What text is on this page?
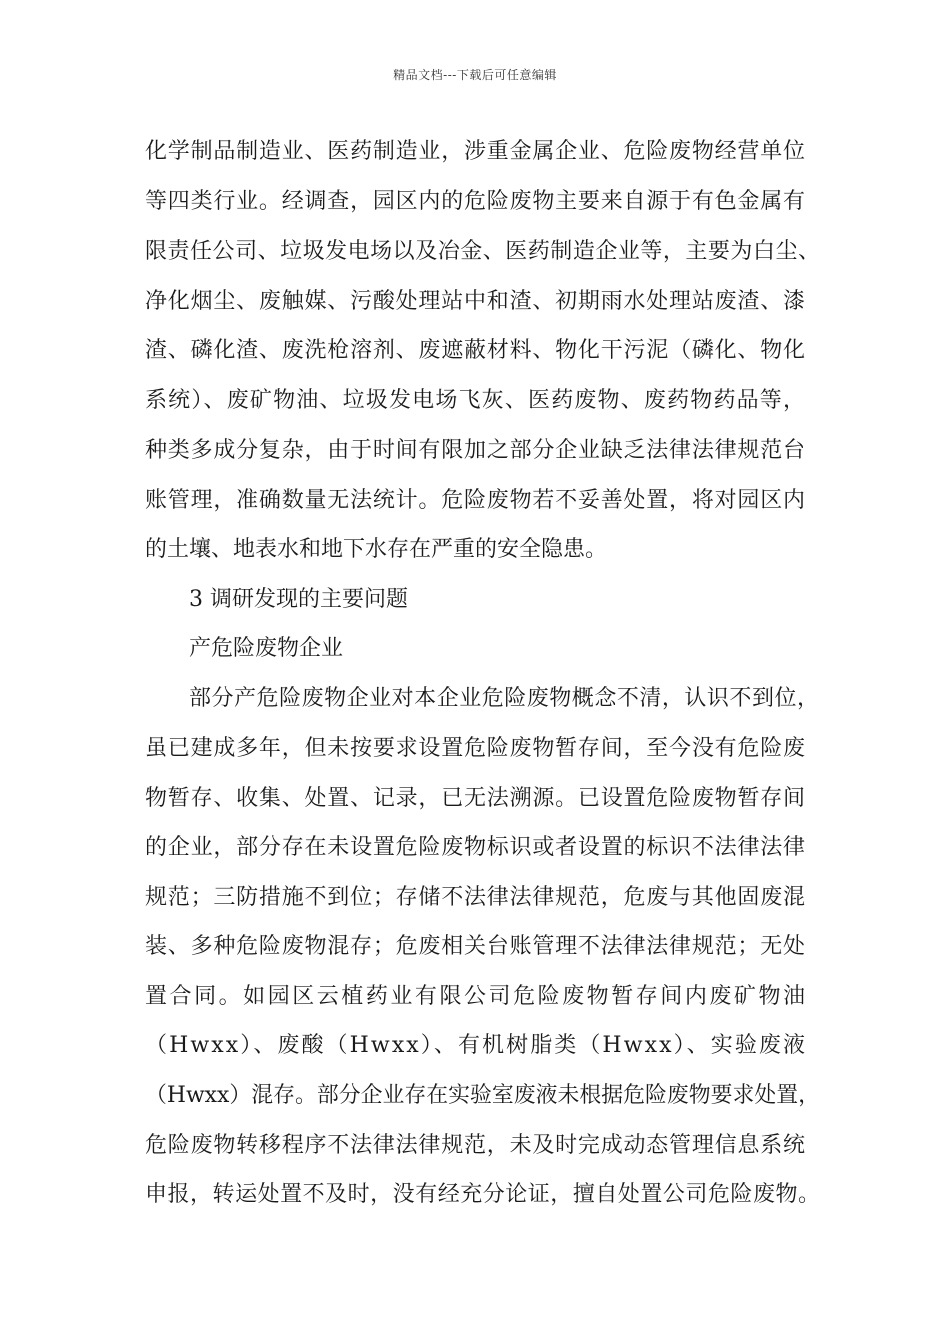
精品文档---下载后可任意编辑
化学制品制造业、医药制造业，涉重金属企业、危险废物经营单位
等四类行业。经调查，园区内的危险废物主要来自源于有色金属有
限责任公司、垃圾发电场以及冶金、医药制造企业等，主要为白尘、
净化烟尘、废触媒、污酸处理站中和渣、初期雨水处理站废渣、漆
渣、磷化渣、废洗枪溶剂、废遮蔽材料、物化干污泥（磷化、物化
系统）、废矿物油、垃圾发电场飞灰、医药废物、废药物药品等，
种类多成分复杂，由于时间有限加之部分企业缺乏法律法律规范台
账管理，准确数量无法统计。危险废物若不妥善处置，将对园区内
的土壤、地表水和地下水存在严重的安全隐患。
3 调研发现的主要问题
产危险废物企业
部分产危险废物企业对本企业危险废物概念不清，认识不到位，
虽已建成多年，但未按要求设置危险废物暂存间，至今没有危险废
物暂存、收集、处置、记录，已无法溯源。已设置危险废物暂存间
的企业，部分存在未设置危险废物标识或者设置的标识不法律法律
规范；三防措施不到位；存储不法律法律规范，危废与其他固废混
装、多种危险废物混存；危废相关台账管理不法律法律规范；无处
置合同。如园区云植药业有限公司危险废物暂存间内废矿物油
（Hwxx）、废酸（Hwxx）、有机树脂类（Hwxx）、实验废液
（Hwxx）混存。部分企业存在实验室废液未根据危险废物要求处置，
危险废物转移程序不法律法律规范，未及时完成动态管理信息系统
申报，转运处置不及时，没有经充分论证，擅自处置公司危险废物。
